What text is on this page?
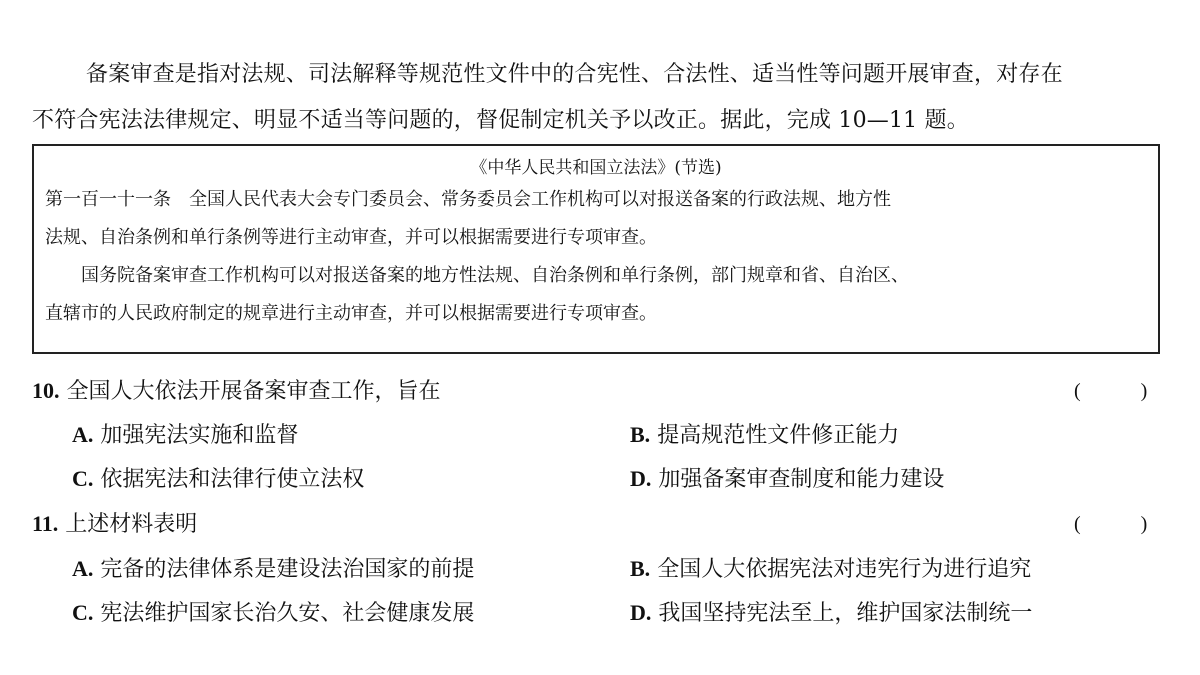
备案审查是指对法规、司法解释等规范性文件中的合宪性、合法性、适当性等问题开展审查，对存在

不符合宪法法律规定、明显不适当等问题的，督促制定机关予以改正。据此，完成 10—11 题。

《中华人民共和国立法法》(节选)
第一百一十一条　全国人民代表大会专门委员会、常务委员会工作机构可以对报送备案的行政法规、地方性
法规、自治条例和单行条例等进行主动审查，并可以根据需要进行专项审查。
　　国务院备案审查工作机构可以对报送备案的地方性法规、自治条例和单行条例，部门规章和省、自治区、
直辖市的人民政府制定的规章进行主动审查，并可以根据需要进行专项审查。
10. 全国人大依法开展备案审查工作，旨在	(　　　)
A. 加强宪法实施和监督	B. 提高规范性文件修正能力
C. 依据宪法和法律行使立法权	D. 加强备案审查制度和能力建设
11. 上述材料表明	(　　　)
A. 完备的法律体系是建设法治国家的前提	B. 全国人大依据宪法对违宪行为进行追究
C. 宪法维护国家长治久安、社会健康发展	D. 我国坚持宪法至上，维护国家法制统一
